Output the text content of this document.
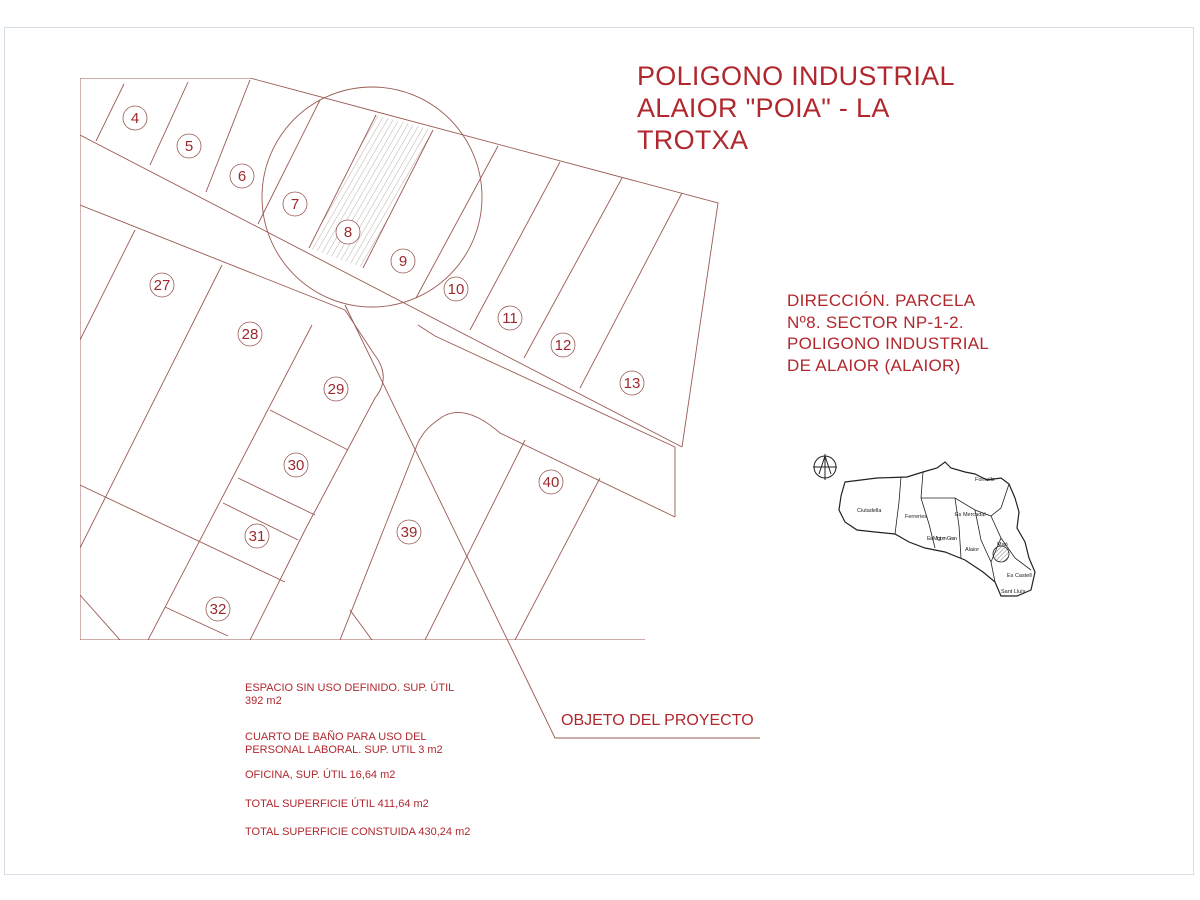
4
5
6
7
8
9
10
11
12
13
27
28
29
30
31
32
39
40
Ciutadella
Ferreries	Es Mercadal
Fornells
Es Migjorn Gran
Alaior
Maó
Es Castell
Sant Lluís
POLIGONO INDUSTRIAL
ALAIOR "POIA" - LA
TROTXA
DIRECCIÓN. PARCELA
Nº8. SECTOR NP-1-2.
POLIGONO INDUSTRIAL
DE ALAIOR (ALAIOR)
OBJETO DEL PROYECTO
ESPACIO SIN USO DEFINIDO. SUP. ÚTIL
392 m2
CUARTO DE BAÑO PARA USO DEL
PERSONAL LABORAL. SUP. UTIL 3 m2
OFICINA, SUP. ÚTIL 16,64 m2
TOTAL SUPERFICIE ÚTIL 411,64 m2
TOTAL SUPERFICIE CONSTUIDA 430,24 m2
